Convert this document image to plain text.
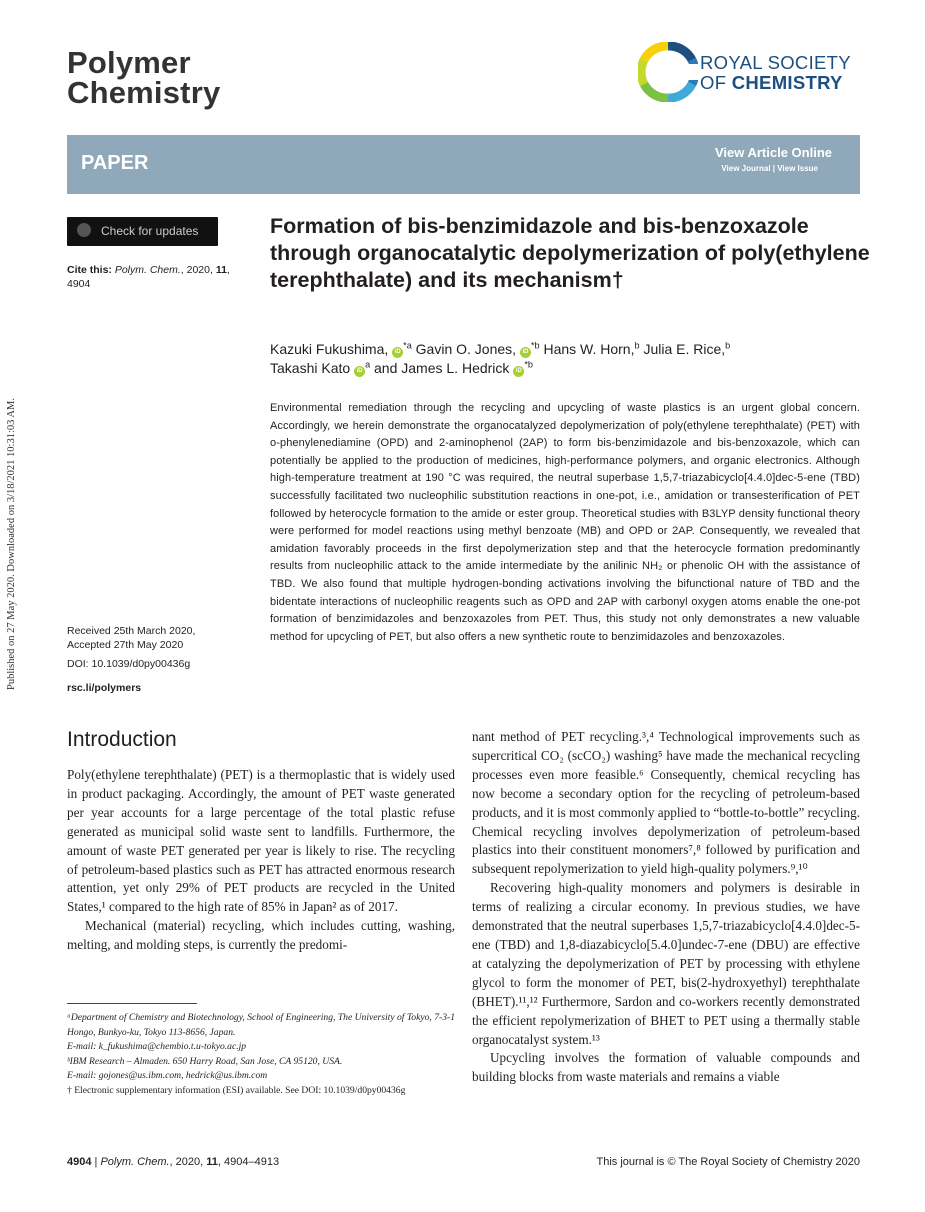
Polymer
Chemistry
ROYAL SOCIETY
OF CHEMISTRY
PAPER	View Article Online
View Journal | View Issue
Check for updates
Cite this: Polym. Chem., 2020, 11, 4904
Received 25th March 2020,
Accepted 27th May 2020
DOI: 10.1039/d0py00436g
rsc.li/polymers
Published on 27 May 2020. Downloaded on 3/18/2021 10:31:03 AM.
Formation of bis-benzimidazole and bis-benzoxazole through organocatalytic depolymerization of poly(ethylene terephthalate) and its mechanism†
Kazuki Fukushima, $iD^{*a}$ Gavin O. Jones, $iD^{*b}$ Hans W. Horn,$^b$ Julia E. Rice,$^b$
Takashi Kato $iD^a$ and James L. Hedrick $iD^{*b}$
Environmental remediation through the recycling and upcycling of waste plastics is an urgent global concern. Accordingly, we herein demonstrate the organocatalyzed depolymerization of poly(ethylene terephthalate) (PET) with o-phenylenediamine (OPD) and 2-aminophenol (2AP) to form bis-benzimidazole and bis-benzoxazole, which can potentially be applied to the production of medicines, high-performance polymers, and organic electronics. Although high-temperature treatment at 190 °C was required, the neutral superbase 1,5,7-triazabicyclo[4.4.0]dec-5-ene (TBD) successfully facilitated two nucleophilic substitution reactions in one-pot, i.e., amidation or transesterification of PET followed by heterocycle formation to the amide or ester group. Theoretical studies with B3LYP density functional theory were performed for model reactions using methyl benzoate (MB) and OPD or 2AP. Consequently, we revealed that amidation favorably proceeds in the first depolymerization step and that the heterocycle formation predominantly results from nucleophilic attack to the amide intermediate by the anilinic NH₂ or phenolic OH with the assistance of TBD. We also found that multiple hydrogen-bonding activations involving the bifunctional nature of TBD and the bidentate interactions of nucleophilic reagents such as OPD and 2AP with carbonyl oxygen atoms enable the one-pot formation of benzimidazoles and benzoxazoles from PET. Thus, this study not only demonstrates a new valuable method for upcycling of PET, but also offers a new synthetic route to benzimidazoles and benzoxazoles.
Introduction

Poly(ethylene terephthalate) (PET) is a thermoplastic that is widely used in product packaging. Accordingly, the amount of PET waste generated per year accounts for a large percentage of the total plastic refuse generated as municipal solid waste sent to landfills. Furthermore, the amount of waste PET generated per year is likely to rise. The recycling of petroleum-based plastics such as PET has attracted enormous research attention, yet only 29% of PET products are recycled in the United States,¹ compared to the high rate of 85% in Japan² as of 2017.

Mechanical (material) recycling, which includes cutting, washing, melting, and molding steps, is currently the predomi-

ᵃDepartment of Chemistry and Biotechnology, School of Engineering, The University of Tokyo, 7-3-1 Hongo, Bunkyo-ku, Tokyo 113-8656, Japan.

E-mail: k_fukushima@chembio.t.u-tokyo.ac.jp

ᵇIBM Research – Almaden. 650 Harry Road, San Jose, CA 95120, USA.

E-mail: gojones@us.ibm.com, hedrick@us.ibm.com

† Electronic supplementary information (ESI) available. See DOI: 10.1039/d0py00436g

nant method of PET recycling.³,⁴ Technological improvements such as supercritical CO₂ (scCO₂) washing⁵ have made the mechanical recycling processes even more feasible.⁶ Consequently, chemical recycling has now become a secondary option for the recycling of petroleum-based products, and it is most commonly applied to “bottle-to-bottle” recycling. Chemical recycling involves depolymerization of petroleum-based plastics into their constituent monomers⁷,⁸ followed by purification and subsequent repolymerization to yield high-quality polymers.⁹,¹⁰

Recovering high-quality monomers and polymers is desirable in terms of realizing a circular economy. In previous studies, we have demonstrated that the neutral superbases 1,5,7-triazabicyclo[4.4.0]dec-5-ene (TBD) and 1,8-diazabicyclo[5.4.0]undec-7-ene (DBU) are effective at catalyzing the depolymerization of PET by processing with ethylene glycol to form the monomer of PET, bis(2-hydroxyethyl) terephthalate (BHET).¹¹,¹² Furthermore, Sardon and co-workers recently demonstrated the efficient repolymerization of BHET to PET using a thermally stable organocatalyst system.¹³

Upcycling involves the formation of valuable compounds and building blocks from waste materials and remains a viable

4904 | Polym. Chem., 2020, 11, 4904–4913	This journal is © The Royal Society of Chemistry 2020
